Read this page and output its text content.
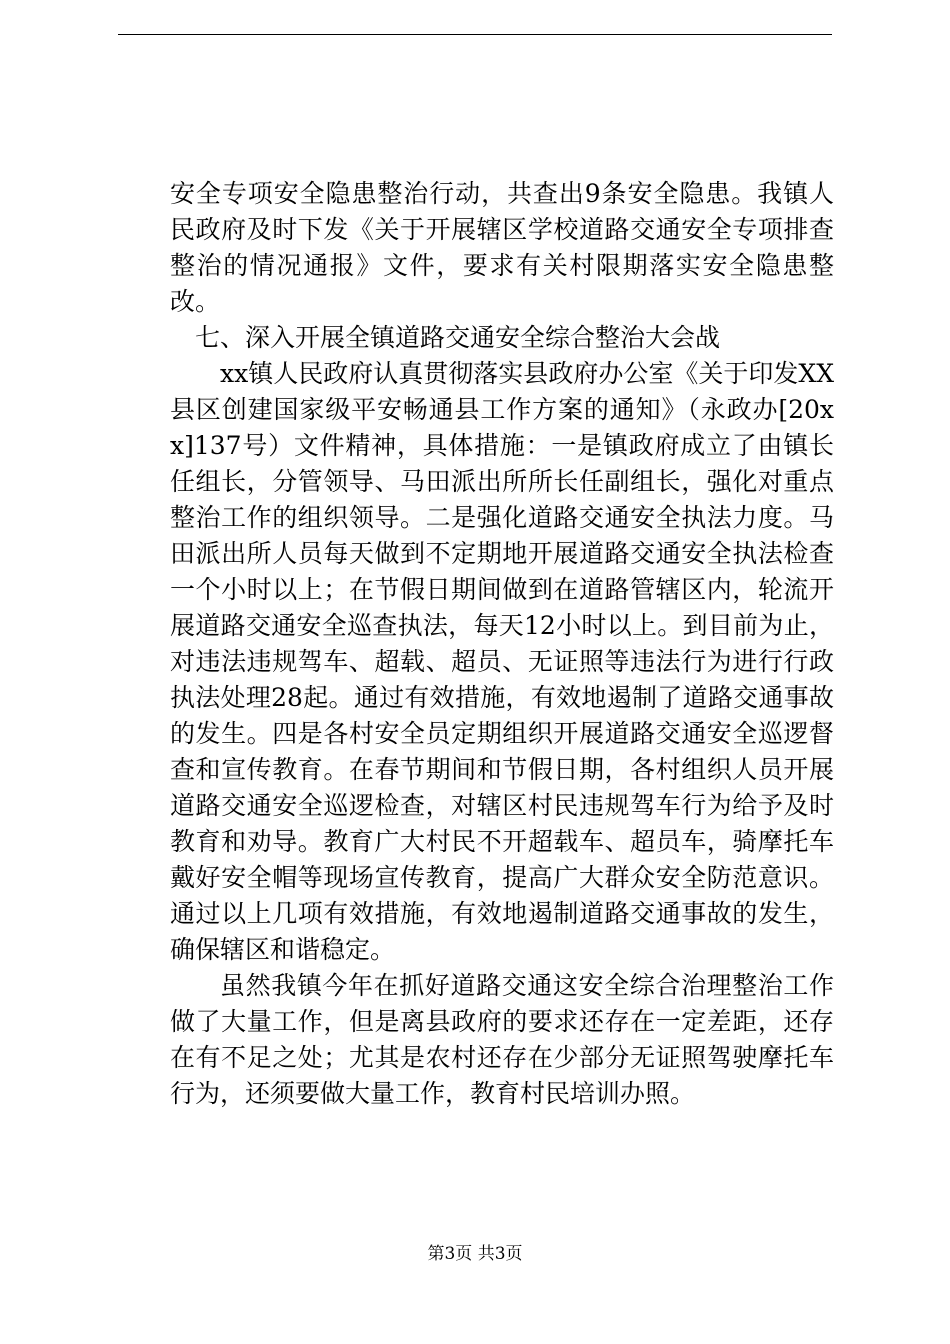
安全专项安全隐患整治行动，共查出9条安全隐患。我镇人民政府及时下发《关于开展辖区学校道路交通安全专项排查整治的情况通报》文件，要求有关村限期落实安全隐患整改。

七、深入开展全镇道路交通安全综合整治大会战

xx镇人民政府认真贯彻落实县政府办公室《关于印发XX县区创建国家级平安畅通县工作方案的通知》（永政办[20xx]137号）文件精神，具体措施：一是镇政府成立了由镇长任组长，分管领导、马田派出所所长任副组长，强化对重点整治工作的组织领导。二是强化道路交通安全执法力度。马田派出所人员每天做到不定期地开展道路交通安全执法检查一个小时以上；在节假日期间做到在道路管辖区内，轮流开展道路交通安全巡查执法，每天12小时以上。到目前为止，对违法违规驾车、超载、超员、无证照等违法行为进行行政执法处理28起。通过有效措施，有效地遏制了道路交通事故的发生。四是各村安全员定期组织开展道路交通安全巡逻督查和宣传教育。在春节期间和节假日期，各村组织人员开展道路交通安全巡逻检查，对辖区村民违规驾车行为给予及时教育和劝导。教育广大村民不开超载车、超员车，骑摩托车戴好安全帽等现场宣传教育，提高广大群众安全防范意识。通过以上几项有效措施，有效地遏制道路交通事故的发生，确保辖区和谐稳定。

虽然我镇今年在抓好道路交通这安全综合治理整治工作做了大量工作，但是离县政府的要求还存在一定差距，还存在有不足之处；尤其是农村还存在少部分无证照驾驶摩托车行为，还须要做大量工作，教育村民培训办照。

第3页 共3页
